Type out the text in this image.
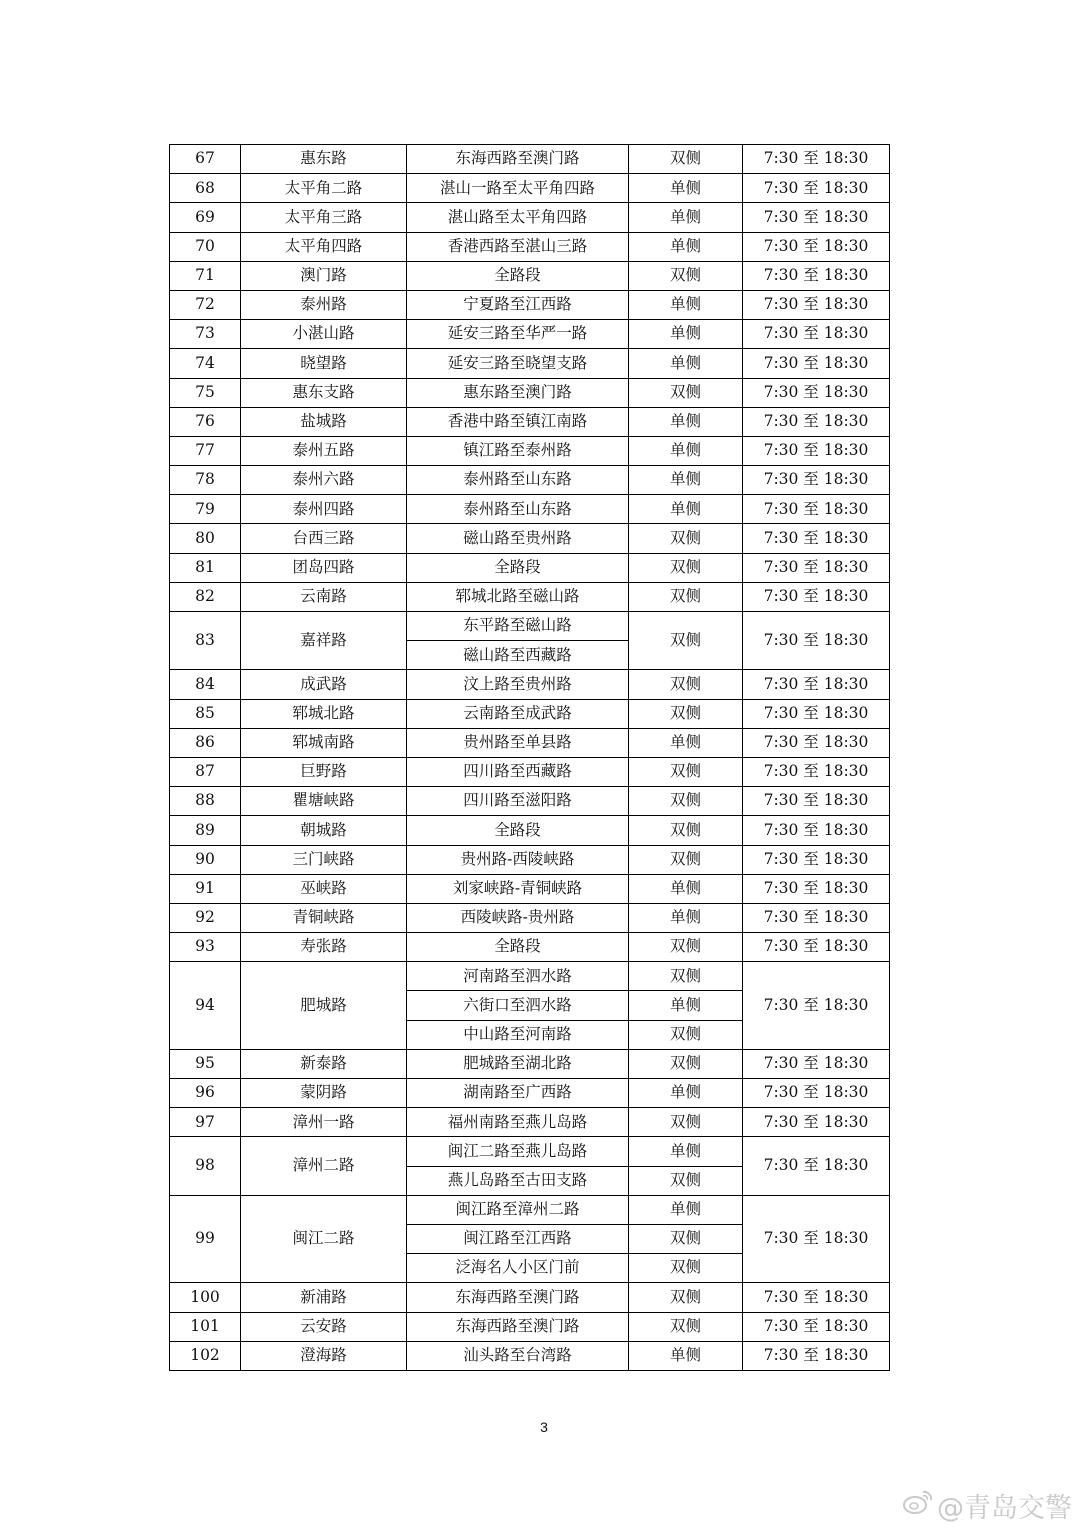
67	惠东路	东海西路至澳门路	双侧	7:30 至 18:30
68	太平角二路	湛山一路至太平角四路	单侧	7:30 至 18:30
69	太平角三路	湛山路至太平角四路	单侧	7:30 至 18:30
70	太平角四路	香港西路至湛山三路	单侧	7:30 至 18:30
71	澳门路	全路段	双侧	7:30 至 18:30
72	泰州路	宁夏路至江西路	单侧	7:30 至 18:30
73	小湛山路	延安三路至华严一路	单侧	7:30 至 18:30
74	晓望路	延安三路至晓望支路	单侧	7:30 至 18:30
75	惠东支路	惠东路至澳门路	双侧	7:30 至 18:30
76	盐城路	香港中路至镇江南路	单侧	7:30 至 18:30
77	泰州五路	镇江路至泰州路	单侧	7:30 至 18:30
78	泰州六路	泰州路至山东路	单侧	7:30 至 18:30
79	泰州四路	泰州路至山东路	单侧	7:30 至 18:30
80	台西三路	磁山路至贵州路	双侧	7:30 至 18:30
81	团岛四路	全路段	双侧	7:30 至 18:30
82	云南路	郓城北路至磁山路	双侧	7:30 至 18:30
83	嘉祥路	东平路至磁山路	双侧	7:30 至 18:30
		磁山路至西藏路		
84	成武路	汶上路至贵州路	双侧	7:30 至 18:30
85	郓城北路	云南路至成武路	双侧	7:30 至 18:30
86	郓城南路	贵州路至单县路	单侧	7:30 至 18:30
87	巨野路	四川路至西藏路	双侧	7:30 至 18:30
88	瞿塘峡路	四川路至滋阳路	双侧	7:30 至 18:30
89	朝城路	全路段	双侧	7:30 至 18:30
90	三门峡路	贵州路-西陵峡路	双侧	7:30 至 18:30
91	巫峡路	刘家峡路-青铜峡路	单侧	7:30 至 18:30
92	青铜峡路	西陵峡路-贵州路	单侧	7:30 至 18:30
93	寿张路	全路段	双侧	7:30 至 18:30
94	肥城路	河南路至泗水路	双侧	7:30 至 18:30
		六街口至泗水路	单侧	
		中山路至河南路	双侧	
95	新泰路	肥城路至湖北路	双侧	7:30 至 18:30
96	蒙阴路	湖南路至广西路	单侧	7:30 至 18:30
97	漳州一路	福州南路至燕儿岛路	双侧	7:30 至 18:30
98	漳州二路	闽江二路至燕儿岛路	单侧	7:30 至 18:30
		燕儿岛路至古田支路	双侧	
99	闽江二路	闽江路至漳州二路	单侧	7:30 至 18:30
		闽江路至江西路	双侧	
		泛海名人小区门前	双侧	
100	新浦路	东海西路至澳门路	双侧	7:30 至 18:30
101	云安路	东海西路至澳门路	双侧	7:30 至 18:30
102	澄海路	汕头路至台湾路	单侧	7:30 至 18:30
3
@青岛交警
